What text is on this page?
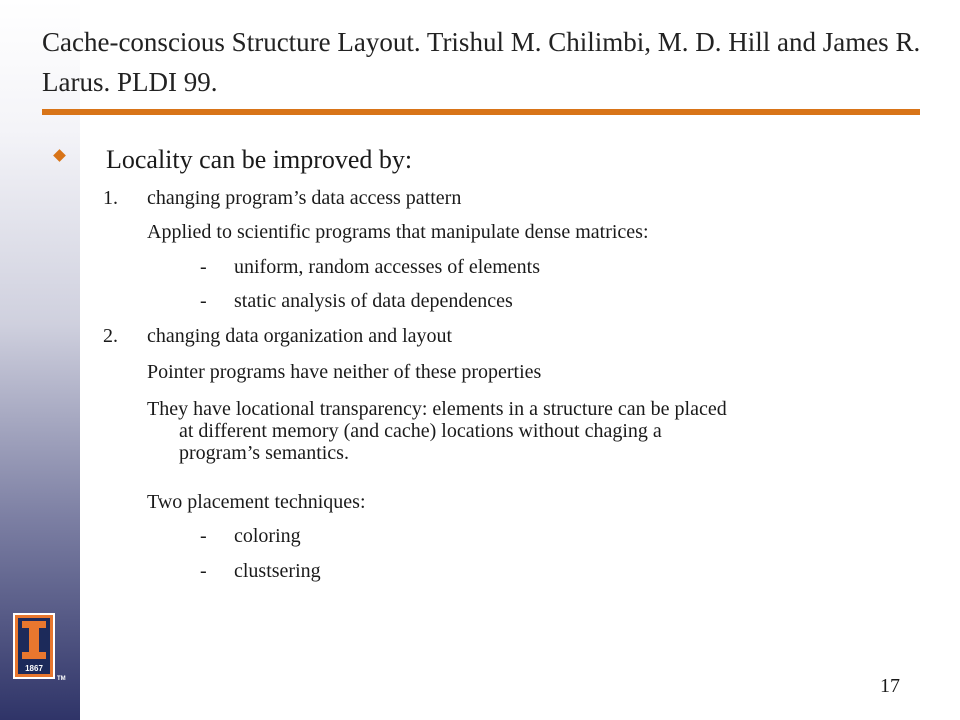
1867
TM
Cache-conscious Structure Layout. Trishul M. Chilimbi, M. D. Hill and James R. Larus. PLDI 99.
Locality can be improved by:
1. changing program’s data access pattern
Applied to scientific programs that manipulate dense matrices:
- uniform, random accesses of elements
- static analysis of data dependences
2. changing data organization and layout
Pointer programs have neither of these properties
They have locational transparency: elements in a structure can be placed
at different memory (and cache) locations without chaging a
program’s semantics.
Two placement techniques:
- coloring
- clustsering
17
